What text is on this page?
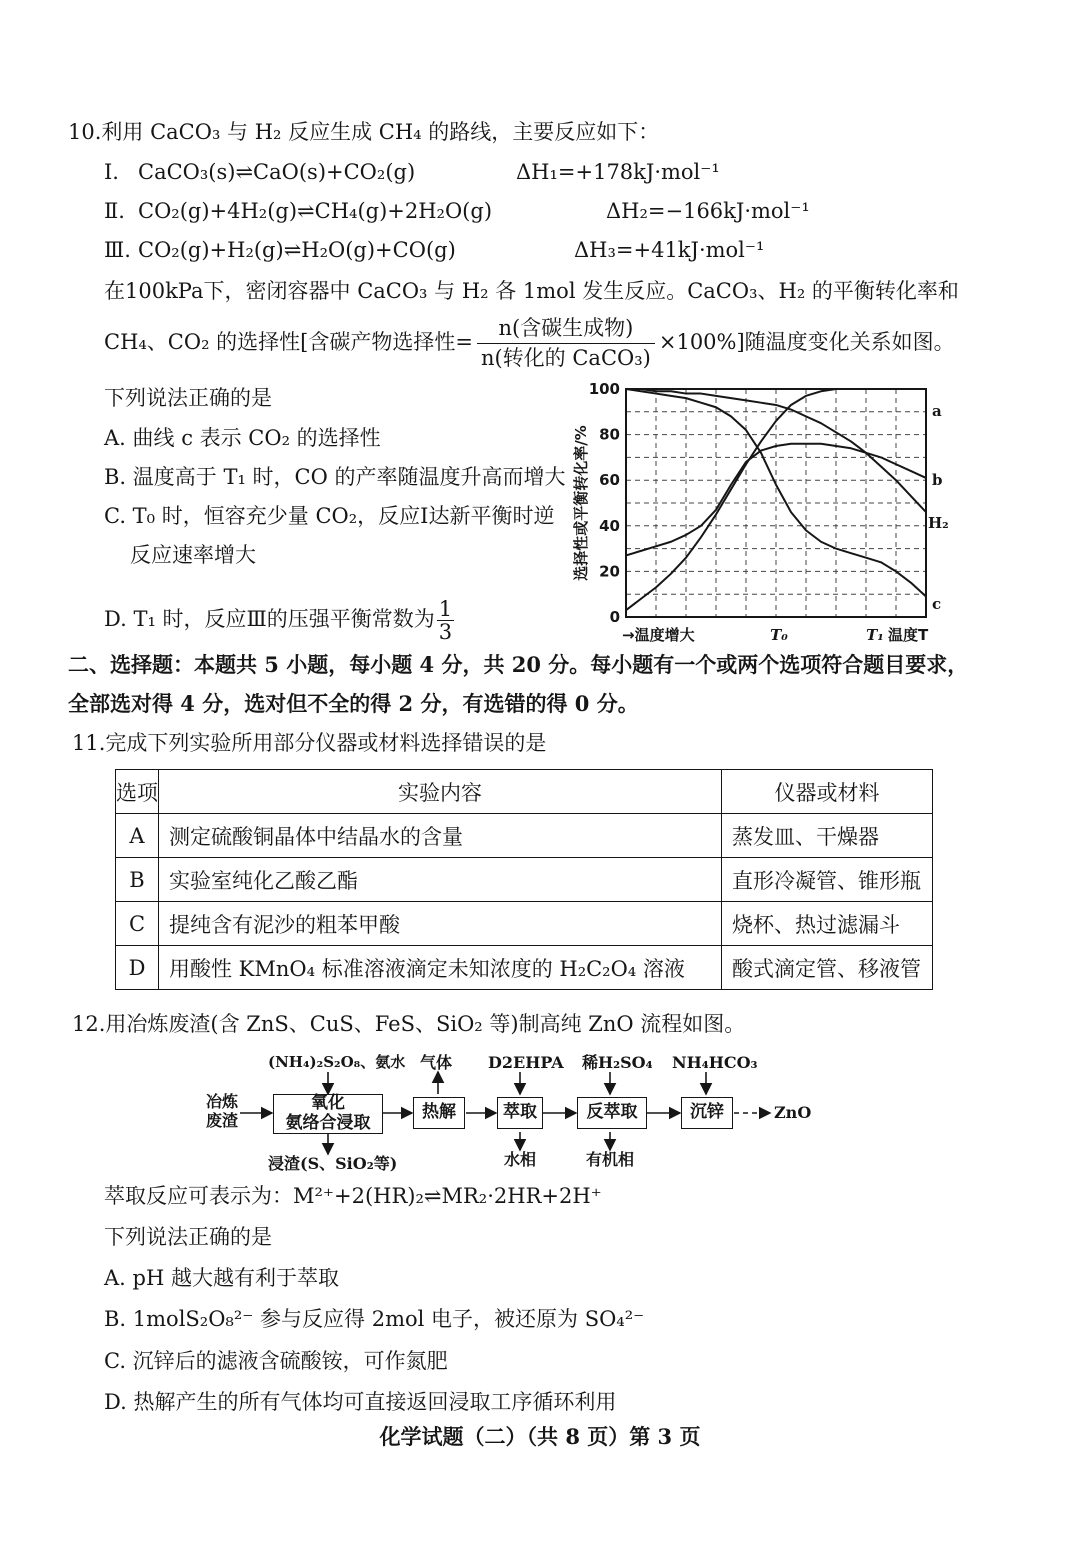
10.利用 CaCO₃ 与 H₂ 反应生成 CH₄ 的路线，主要反应如下：
Ⅰ. CaCO₃(s)⇌CaO(s)+CO₂(g)	ΔH₁=+178kJ·mol⁻¹
Ⅱ. CO₂(g)+4H₂(g)⇌CH₄(g)+2H₂O(g)	ΔH₂=−166kJ·mol⁻¹
Ⅲ. CO₂(g)+H₂(g)⇌H₂O(g)+CO(g)	ΔH₃=+41kJ·mol⁻¹
在100kPa下，密闭容器中 CaCO₃ 与 H₂ 各 1mol 发生反应。CaCO₃、H₂ 的平衡转化率和
CH₄、CO₂ 的选择性[含碳产物选择性= $\frac{\text{n(含碳生成物)}}{\text{n(转化的 CaCO₃)}} \times 100\%$]随温度变化关系如图。
下列说法正确的是
A. 曲线 c 表示 CO₂ 的选择性
B. 温度高于 T₁ 时，CO 的产率随温度升高而增大
C. T₀ 时，恒容充少量 CO₂，反应Ⅰ达新平衡时逆
反应速率增大
D. T₁ 时，反应Ⅲ的压强平衡常数为 $\frac{1}{3}$
a
b
H₂
c
0
20
40
60
80
100
T₀	T₁
选择性或平衡转化率/%
→温度增大	温度T
二、选择题：本题共 5 小题，每小题 4 分，共 20 分。每小题有一个或两个选项符合题目要求，
全部选对得 4 分，选对但不全的得 2 分，有选错的得 0 分。
11.完成下列实验所用部分仪器或材料选择错误的是
选项	实验内容	仪器或材料
A	测定硫酸铜晶体中结晶水的含量	蒸发皿、干燥器
B	实验室纯化乙酸乙酯	直形冷凝管、锥形瓶
C	提纯含有泥沙的粗苯甲酸	烧杯、热过滤漏斗
D	用酸性 KMnO₄ 标准溶液滴定未知浓度的 H₂C₂O₄ 溶液	酸式滴定管、移液管
12.用冶炼废渣(含 ZnS、CuS、FeS、SiO₂ 等)制高纯 ZnO 流程如图。
冶炼
废渣
氧化
氨络合浸取
热解	萃取	反萃取	沉锌	ZnO
(NH₄)₂S₂O₈、氨水 气体 D2EHPA 稀H₂SO₄ NH₄HCO₃
浸渣(S、SiO₂等)	水相	有机相
萃取反应可表示为：M²⁺+2(HR)₂⇌MR₂·2HR+2H⁺
下列说法正确的是
A. pH 越大越有利于萃取
B. 1molS₂O₈²⁻ 参与反应得 2mol 电子，被还原为 SO₄²⁻
C. 沉锌后的滤液含硫酸铵，可作氮肥
D. 热解产生的所有气体均可直接返回浸取工序循环利用
化学试题（二）（共 8 页）第 3 页
